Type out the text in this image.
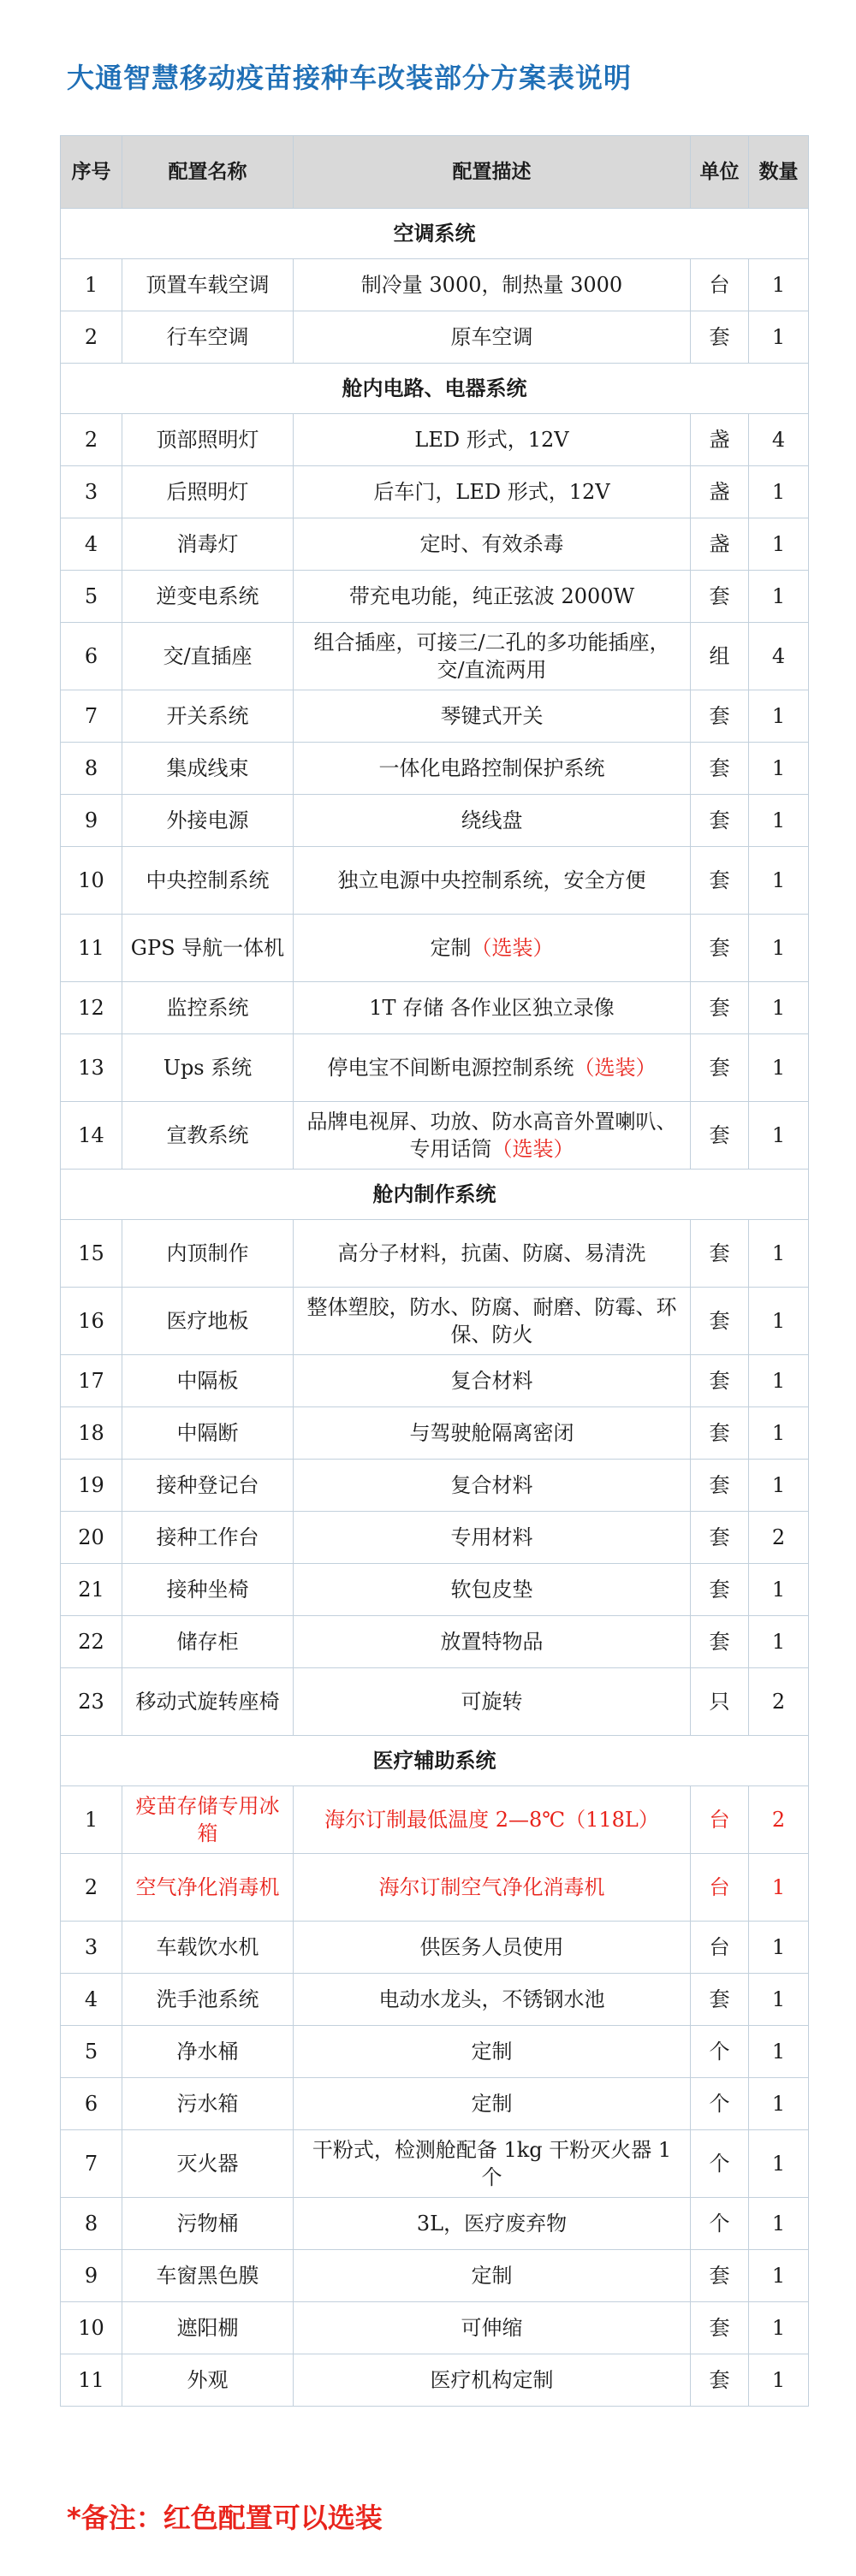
大通智慧移动疫苗接种车改装部分方案表说明
序号	配置名称	配置描述	单位	数量
空调系统				
1	顶置车载空调	制冷量 3000，制热量 3000	台	1
2	行车空调	原车空调	套	1
舱内电路、电器系统				
2	顶部照明灯	LED 形式，12V	盏	4
3	后照明灯	后车门，LED 形式，12V	盏	1
4	消毒灯	定时、有效杀毒	盏	1
5	逆变电系统	带充电功能，纯正弦波 2000W	套	1
6	交/直插座	组合插座，可接三/二孔的多功能插座，交/直流两用	组	4
7	开关系统	琴键式开关	套	1
8	集成线束	一体化电路控制保护系统	套	1
9	外接电源	绕线盘	套	1
10	中央控制系统	独立电源中央控制系统，安全方便	套	1
11	GPS 导航一体机	定制（选装）	套	1
12	监控系统	1T 存储 各作业区独立录像	套	1
13	Ups 系统	停电宝不间断电源控制系统（选装）	套	1
14	宣教系统	品牌电视屏、功放、防水高音外置喇叭、专用话筒（选装）	套	1
舱内制作系统				
15	内顶制作	高分子材料，抗菌、防腐、易清洗	套	1
16	医疗地板	整体塑胶，防水、防腐、耐磨、防霉、环保、防火	套	1
17	中隔板	复合材料	套	1
18	中隔断	与驾驶舱隔离密闭	套	1
19	接种登记台	复合材料	套	1
20	接种工作台	专用材料	套	2
21	接种坐椅	软包皮垫	套	1
22	储存柜	放置特物品	套	1
23	移动式旋转座椅	可旋转	只	2
医疗辅助系统				
1	疫苗存储专用冰箱	海尔订制最低温度 2—8℃（118L）	台	2
2	空气净化消毒机	海尔订制空气净化消毒机	台	1
3	车载饮水机	供医务人员使用	台	1
4	洗手池系统	电动水龙头，不锈钢水池	套	1
5	净水桶	定制	个	1
6	污水箱	定制	个	1
7	灭火器	干粉式，检测舱配备 1kg 干粉灭火器 1 个	个	1
8	污物桶	3L，医疗废弃物	个	1
9	车窗黑色膜	定制	套	1
10	遮阳棚	可伸缩	套	1
11	外观	医疗机构定制	套	1
*备注：红色配置可以选装
